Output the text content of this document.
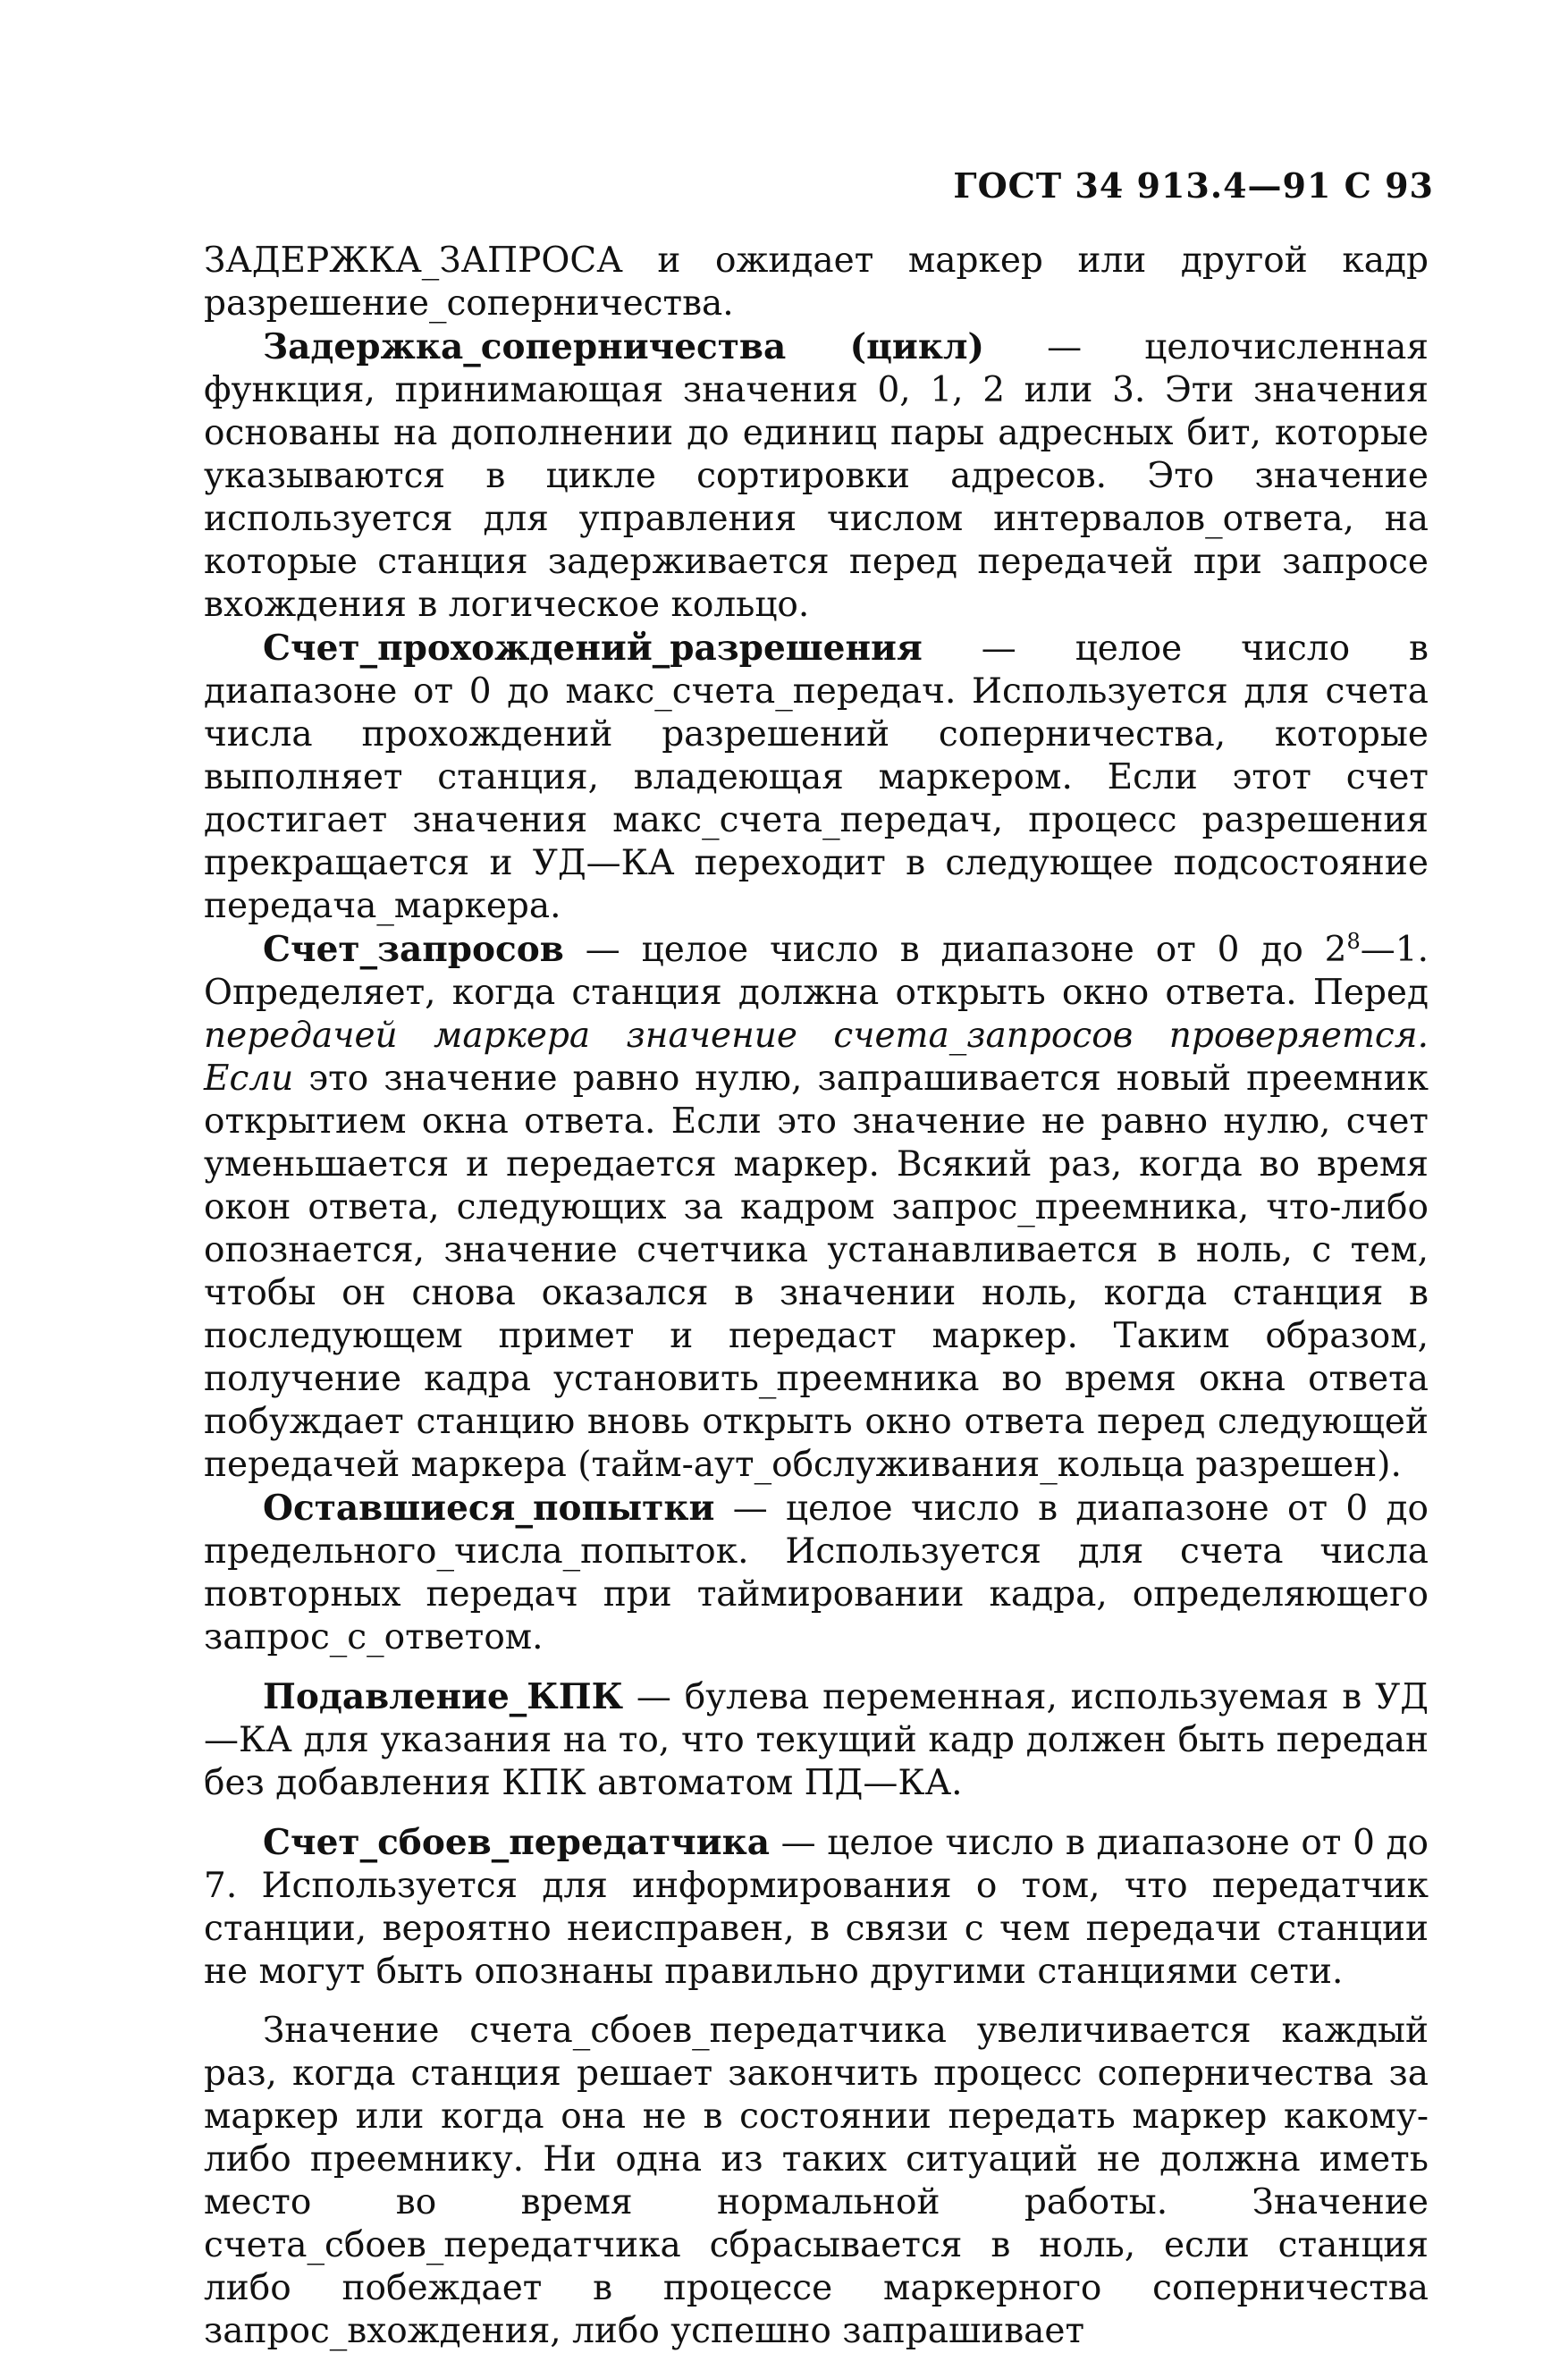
ГОСТ 34 913.4—91 С 93

ЗАДЕРЖКА_ЗАПРОСА и ожидает маркер или другой кадр разрешение_соперничества.

Задержка_соперничества (цикл) — целочисленная функция, принимающая значения 0, 1, 2 или 3. Эти значения основаны на дополнении до единиц пары адресных бит, которые указываются в цикле сортировки адресов. Это значение используется для управления числом интервалов_ответа, на которые станция задерживается перед передачей при запросе вхождения в логическое кольцо.

Счет_прохождений_разрешения — целое число в диапазоне от 0 до макс_счета_передач. Используется для счета числа прохождений разрешений соперничества, которые выполняет станция, владеющая маркером. Если этот счет достигает значения макс_счета_передач, процесс разрешения прекращается и УД—КА переходит в следующее подсостояние передача_маркера.

Счет_запросов — целое число в диапазоне от 0 до $2^8—1$. Определяет, когда станция должна открыть окно ответа. Перед передачей маркера значение счета_запросов проверяется. Если это значение равно нулю, запрашивается новый преемник открытием окна ответа. Если это значение не равно нулю, счет уменьшается и передается маркер. Всякий раз, когда во время окон ответа, следующих за кадром запрос_преемника, что-либо опознается, значение счетчика устанавливается в ноль, с тем, чтобы он снова оказался в значении ноль, когда станция в последующем примет и передаст маркер. Таким образом, получение кадра установить_преемника во время окна ответа побуждает станцию вновь открыть окно ответа перед следующей передачей маркера (тайм-аут_обслуживания_кольца разрешен).

Оставшиеся_попытки — целое число в диапазоне от 0 до предельного_числа_попыток. Используется для счета числа повторных передач при таймировании кадра, определяющего запрос_с_ответом.

Подавление_КПК — булева переменная, используемая в УД—КА для указания на то, что текущий кадр должен быть передан без добавления КПК автоматом ПД—КА.

Счет_сбоев_передатчика — целое число в диапазоне от 0 до 7. Используется для информирования о том, что передатчик станции, вероятно неисправен, в связи с чем передачи станции не могут быть опознаны правильно другими станциями сети.

Значение счета_сбоев_передатчика увеличивается каждый раз, когда станция решает закончить процесс соперничества за маркер или когда она не в состоянии передать маркер какому-либо преемнику. Ни одна из таких ситуаций не должна иметь место во время нормальной работы. Значение счета_сбоев_передатчика сбрасывается в ноль, если станция либо побеждает в процессе маркерного соперничества запрос_вхождения, либо успешно запрашивает
